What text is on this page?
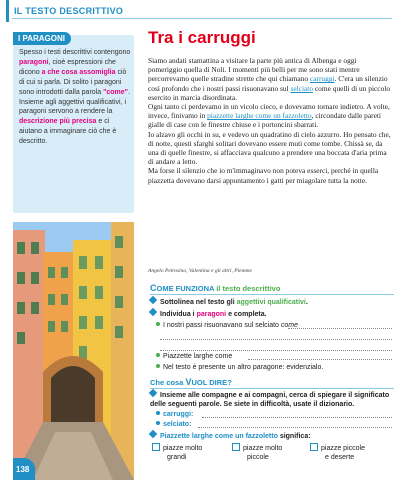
IL TESTO DESCRITTIVO
I PARAGONI
Spesso i testi descrittivi contengono paragoni, cioè espressioni che dicono a che cosa assomiglia ciò di cui si parla. Di solito i paragoni sono introdotti dalla parola "come". Insieme agli aggettivi qualificativi, i paragoni servono a rendere la descrizione più precisa e ci aiutano a immaginare ciò che è descritto.
138
Tra i carruggi

Siamo andati stamattina a visitare la parte più antica di Albenga e oggi pomeriggio quella di Noli. I momenti più belli per me sono stati mentre percorrevamo quelle stradine strette che qui chiamano carruggi. C'era un silenzio così profondo che i nostri passi risuonavano sul selciato come quelli di un piccolo esercito in marcia disordinata.

Ogni tanto ci perdevamo in un vicolo cieco, e dovevamo tornare indietro. A volte, invece, finivamo in piazzette larghe come un fazzoletto, circondate dalle pareti gialle di case con le finestre chiuse e i portoncini sbarrati.

Io alzavo gli occhi in su, e vedevo un quadratino di cielo azzurro. Ho pensato che, di notte, questi sfarghi solitari dovevano essere muti come tombe. Chissà se, da una di quelle finestre, si affacciava qualcuno a prendere una boccata d'aria prima di andare a letto.

Ma forse il silenzio che io m'immaginavo non poteva esserci, perché in quella piazzetta dovevano darsi appuntamento i gatti per miagolare tutta la notte.

Angelo Petrosino, Valentina e gli altri, Piemme
COME FUNZIONA il testo descrittivo
Sottolinea nel testo gli aggettivi qualificativi.
Individua i paragoni e completa.
I nostri passi risuonavano sul selciato come
Piazzette larghe come
Nel testo è presente un altro paragone: evidenzialo.
Che cosa VUOL DIRE?
Insieme alle compagne e ai compagni, cerca di spiegare il significato delle seguenti parole. Se siete in difficoltà, usate il dizionario.
carruggi:
selciato:
Piazzette larghe come un fazzoletto significa:
piazze molto
grandi
piazze molto
piccole
piazze piccole
e deserte
